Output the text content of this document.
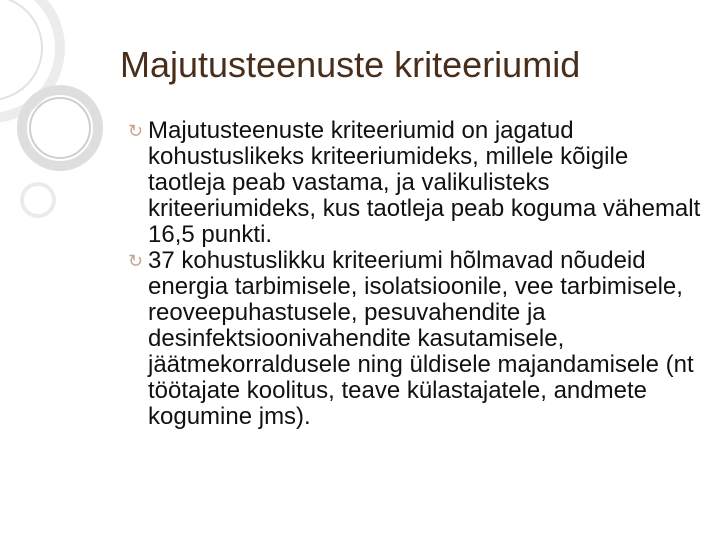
Majutusteenuste kriteeriumid
↻ Majutusteenuste kriteeriumid on jagatud kohustuslikeks kriteeriumideks, millele kõigile taotleja peab vastama, ja valikulisteks kriteeriumideks, kus taotleja peab koguma vähemalt 16,5 punkti.
↻ 37 kohustuslikku kriteeriumi hõlmavad nõudeid energia tarbimisele, isolatsioonile, vee tarbimisele, reoveepuhastusele, pesuvahendite ja desinfektsioonivahendite kasutamisele, jäätmekorraldusele ning üldisele majandamisele (nt töötajate koolitus, teave külastajatele, andmete kogumine jms).
